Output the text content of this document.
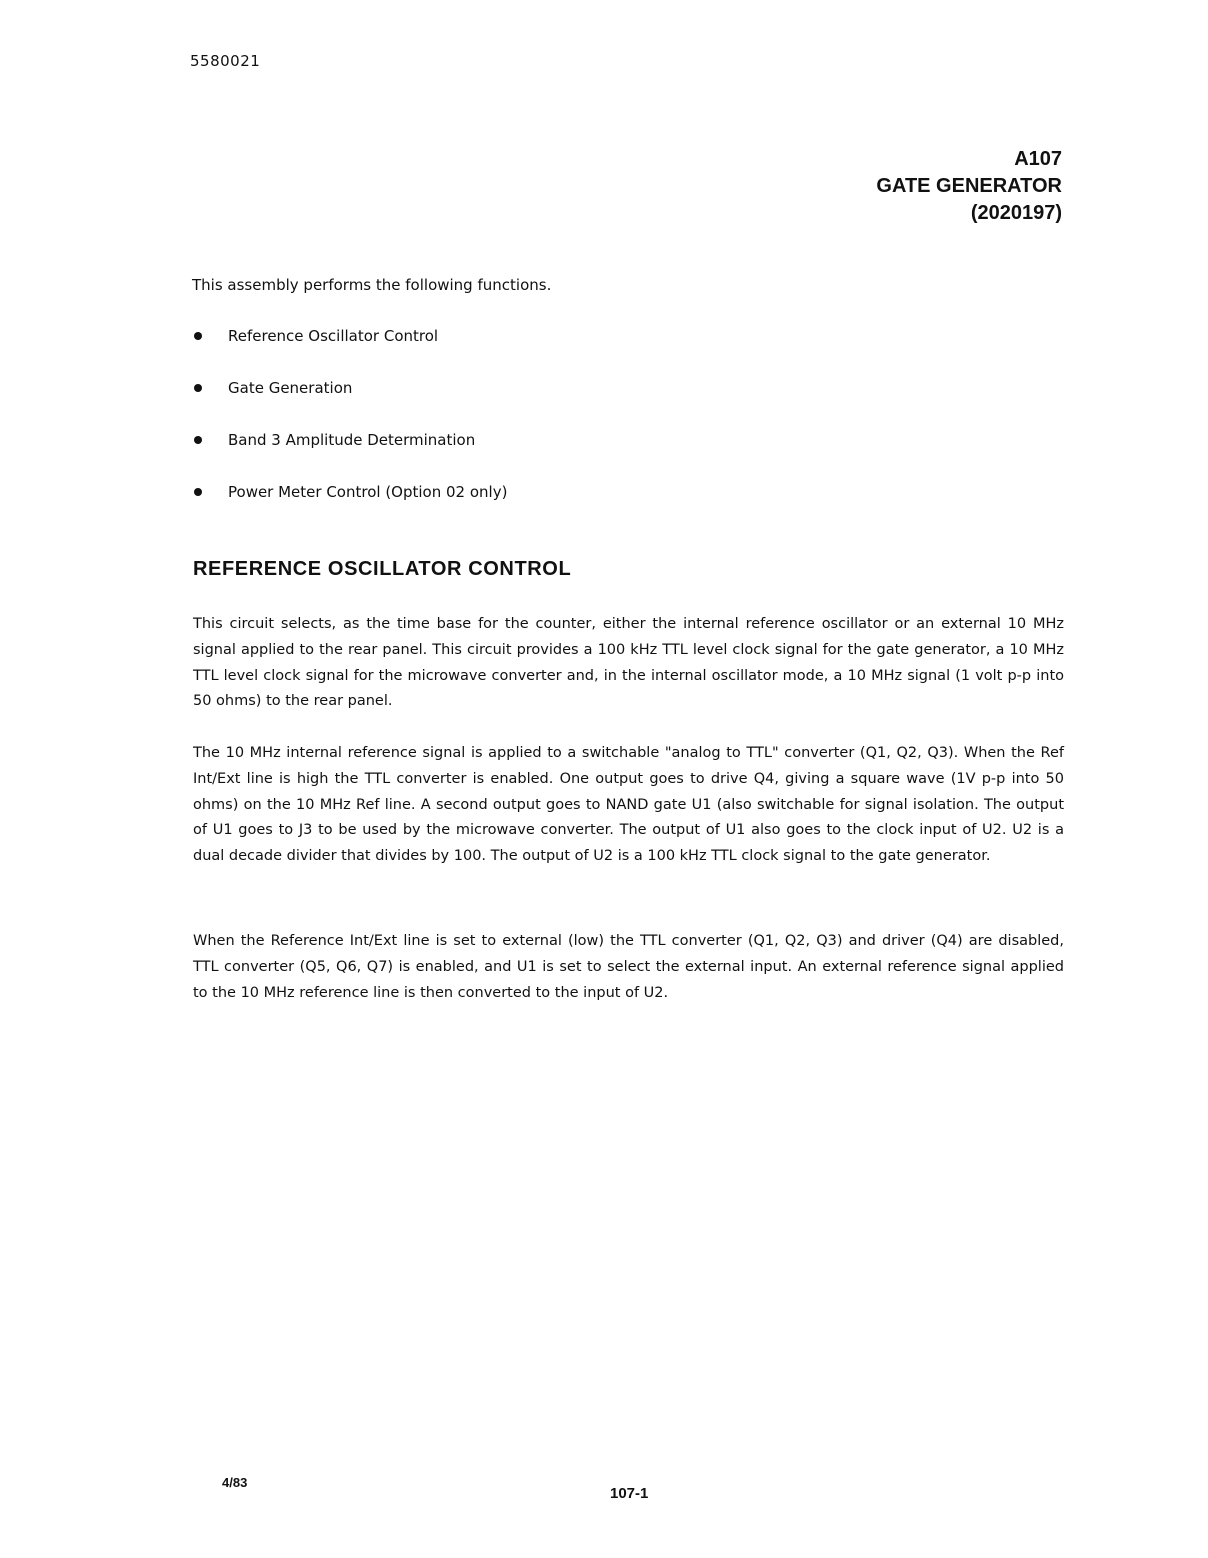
5580021
A107
GATE GENERATOR
(2020197)
This assembly performs the following functions.
Reference Oscillator Control
Gate Generation
Band 3 Amplitude Determination
Power Meter Control (Option 02 only)
REFERENCE OSCILLATOR CONTROL

This circuit selects, as the time base for the counter, either the internal reference oscillator or an external 10 MHz signal applied to the rear panel. This circuit provides a 100 kHz TTL level clock signal for the gate generator, a 10 MHz TTL level clock signal for the microwave converter and, in the internal oscillator mode, a 10 MHz signal (1 volt p-p into 50 ohms) to the rear panel.

The 10 MHz internal reference signal is applied to a switchable "analog to TTL" converter (Q1, Q2, Q3). When the Ref Int/Ext line is high the TTL converter is enabled. One output goes to drive Q4, giving a square wave (1V p-p into 50 ohms) on the 10 MHz Ref line. A second output goes to NAND gate U1 (also switchable for signal isolation. The output of U1 goes to J3 to be used by the microwave converter. The output of U1 also goes to the clock input of U2. U2 is a dual decade divider that divides by 100. The output of U2 is a 100 kHz TTL clock signal to the gate generator.

When the Reference Int/Ext line is set to external (low) the TTL converter (Q1, Q2, Q3) and driver (Q4) are disabled, TTL converter (Q5, Q6, Q7) is enabled, and U1 is set to select the external input. An external reference signal applied to the 10 MHz reference line is then converted to the input of U2.

4/83
107-1
